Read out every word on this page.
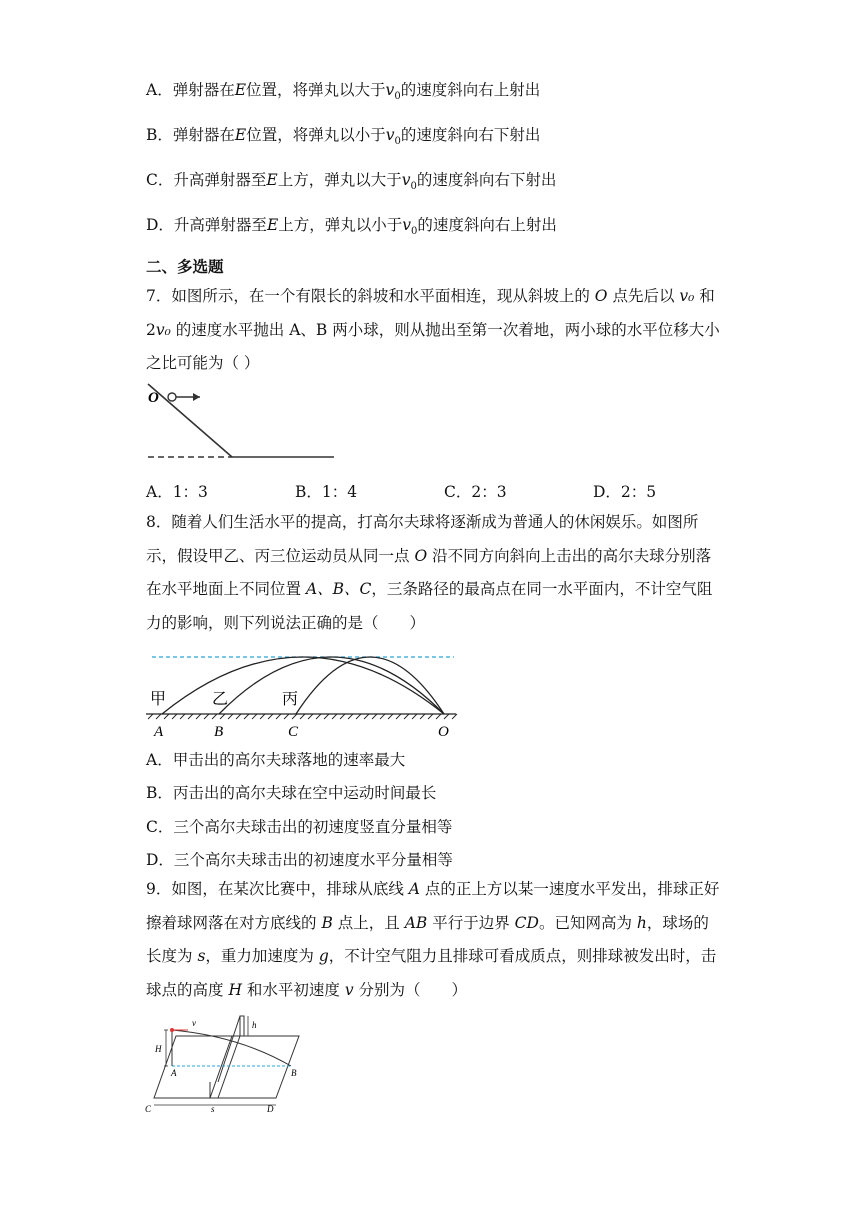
A．弹射器在E位置，将弹丸以大于$v_0$的速度斜向右上射出
B．弹射器在E位置，将弹丸以小于$v_0$的速度斜向右下射出
C．升高弹射器至E上方，弹丸以大于$v_0$的速度斜向右下射出
D．升高弹射器至E上方，弹丸以小于$v_0$的速度斜向右上射出
二、多选题
7．如图所示，在一个有限长的斜坡和水平面相连，现从斜坡上的 O 点先后以 v₀ 和 2v₀ 的速度水平抛出 A、B 两小球，则从抛出至第一次着地，两小球的水平位移大小之比可能为（ ）
O
A．1：3	B．1：4	C．2：3	D．2：5
8．随着人们生活水平的提高，打高尔夫球将逐渐成为普通人的休闲娱乐。如图所示，假设甲乙、丙三位运动员从同一点 O 沿不同方向斜向上击出的高尔夫球分别落在水平地面上不同位置 A、B、C，三条路径的最高点在同一水平面内，不计空气阻力的影响，则下列说法正确的是（　　）
甲	乙	丙
A	B	C	O
A．甲击出的高尔夫球落地的速率最大
B．丙击出的高尔夫球在空中运动时间最长
C．三个高尔夫球击出的初速度竖直分量相等
D．三个高尔夫球击出的初速度水平分量相等
9．如图，在某次比赛中，排球从底线 A 点的正上方以某一速度水平发出，排球正好擦着球网落在对方底线的 B 点上，且 AB 平行于边界 CD。已知网高为 h，球场的长度为 s，重力加速度为 g，不计空气阻力且排球可看成质点，则排球被发出时，击球点的高度 H 和水平初速度 v 分别为（　　）
v	h
H
A	B
C	D
s
